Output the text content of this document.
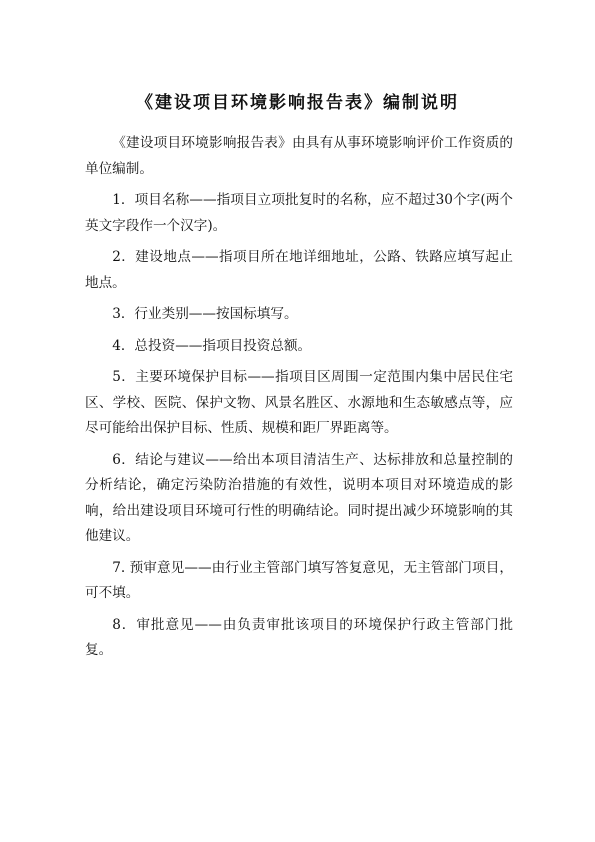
《建设项目环境影响报告表》编制说明

《建设项目环境影响报告表》由具有从事环境影响评价工作资质的单位编制。

1．项目名称——指项目立项批复时的名称，应不超过30个字(两个英文字段作一个汉字)。

2．建设地点——指项目所在地详细地址，公路、铁路应填写起止地点。

3．行业类别——按国标填写。

4．总投资——指项目投资总额。

5．主要环境保护目标——指项目区周围一定范围内集中居民住宅区、学校、医院、保护文物、风景名胜区、水源地和生态敏感点等，应尽可能给出保护目标、性质、规模和距厂界距离等。

6．结论与建议——给出本项目清洁生产、达标排放和总量控制的分析结论，确定污染防治措施的有效性，说明本项目对环境造成的影响，给出建设项目环境可行性的明确结论。同时提出减少环境影响的其他建议。

7. 预审意见——由行业主管部门填写答复意见，无主管部门项目，可不填。

8．审批意见——由负责审批该项目的环境保护行政主管部门批复。
